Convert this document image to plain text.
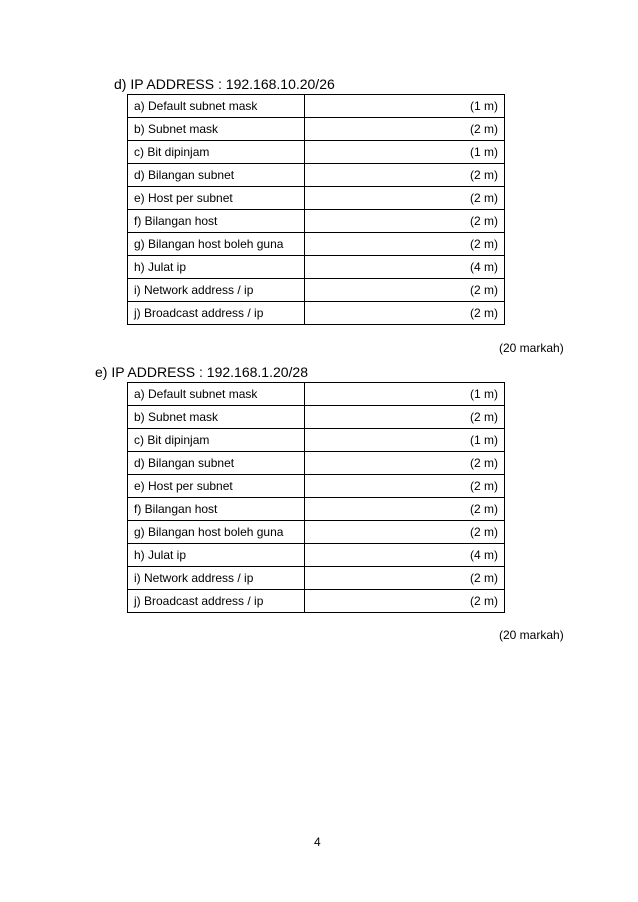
d) IP ADDRESS : 192.168.10.20/26
a) Default subnet mask	(1 m)
b) Subnet mask	(2 m)
c) Bit dipinjam	(1 m)
d) Bilangan subnet	(2 m)
e) Host per subnet	(2 m)
f) Bilangan host	(2 m)
g) Bilangan host boleh guna	(2 m)
h) Julat ip	(4 m)
i) Network address / ip	(2 m)
j) Broadcast address / ip	(2 m)
(20 markah)
e) IP ADDRESS : 192.168.1.20/28
a) Default subnet mask	(1 m)
b) Subnet mask	(2 m)
c) Bit dipinjam	(1 m)
d) Bilangan subnet	(2 m)
e) Host per subnet	(2 m)
f) Bilangan host	(2 m)
g) Bilangan host boleh guna	(2 m)
h) Julat ip	(4 m)
i) Network address / ip	(2 m)
j) Broadcast address / ip	(2 m)
(20 markah)
4
